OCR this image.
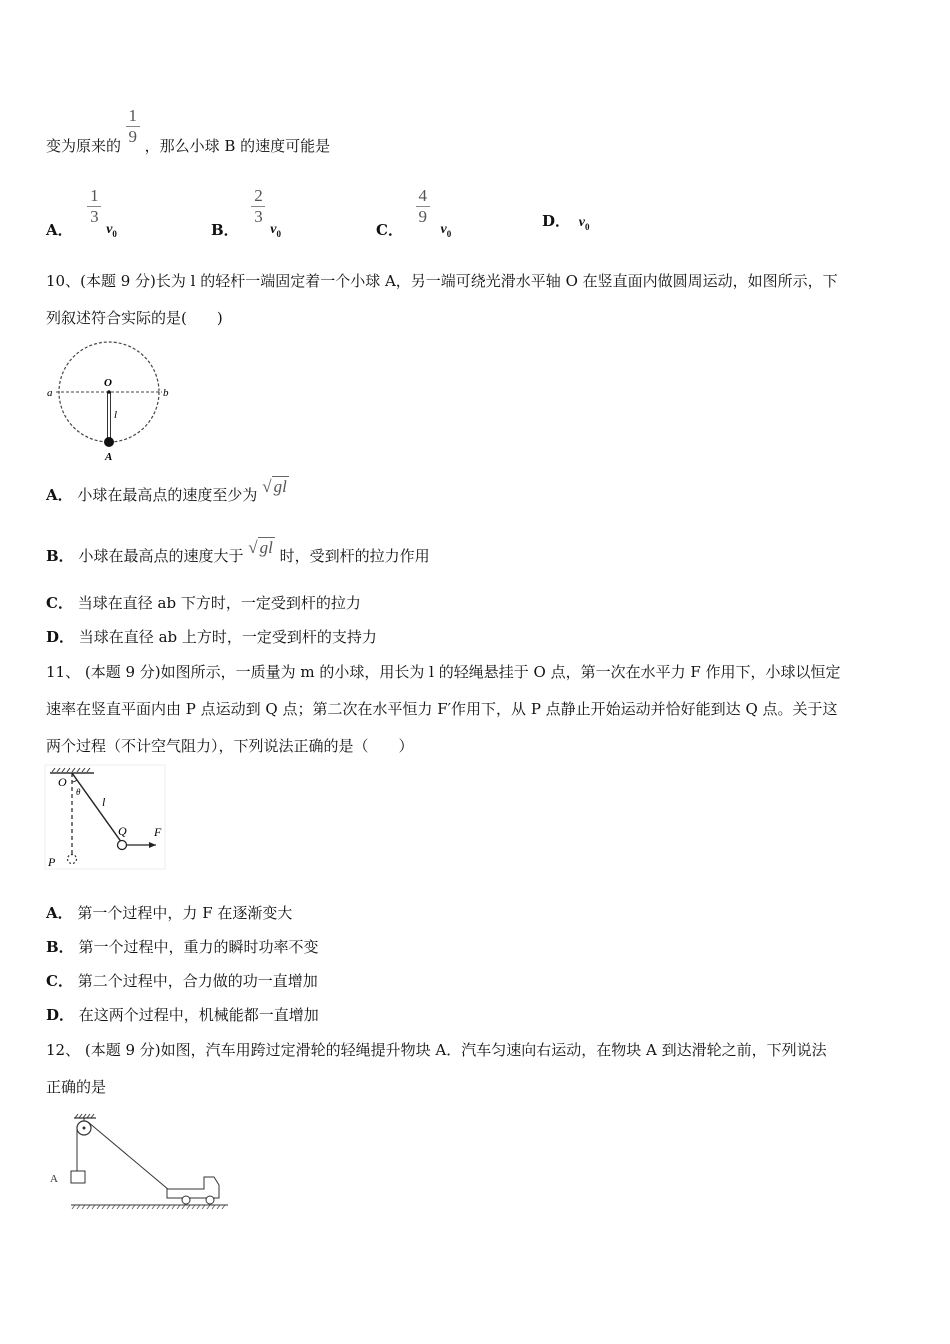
变为原来的 $\frac{1}{9}$ ，那么小球 B 的速度可能是
A．
$\frac{1}{3}$
$v_0$	B．
$\frac{2}{3}$
$v_0$	C．
$\frac{4}{9}$
$v_0$
D． $v_0$
10、(本题 9 分)长为 l 的轻杆一端固定着一个小球 A，另一端可绕光滑水平轴 O 在竖直面内做圆周运动，如图所示，下
列叙述符合实际的是(　　)
a
O
b
l
A
A． 小球在最高点的速度至少为 √ gl
B． 小球在最高点的速度大于 √ gl 时，受到杆的拉力作用
C． 当球在直径 ab 下方时，一定受到杆的拉力
D． 当球在直径 ab 上方时，一定受到杆的支持力
11、 (本题 9 分)如图所示，一质量为 m 的小球，用长为 l 的轻绳悬挂于 O 点，第一次在水平力 F 作用下，小球以恒定
速率在竖直平面内由 P 点运动到 Q 点；第二次在水平恒力 F′作用下，从 P 点静止开始运动并恰好能到达 Q 点。关于这
两个过程（不计空气阻力），下列说法正确的是（　　）
O
θ
l
Q F
P
A． 第一个过程中，力 F 在逐渐变大
B． 第一个过程中，重力的瞬时功率不变
C． 第二个过程中，合力做的功一直增加
D． 在这两个过程中，机械能都一直增加
12、 (本题 9 分)如图，汽车用跨过定滑轮的轻绳提升物块 A．汽车匀速向右运动，在物块 A 到达滑轮之前，下列说法
正确的是
A
